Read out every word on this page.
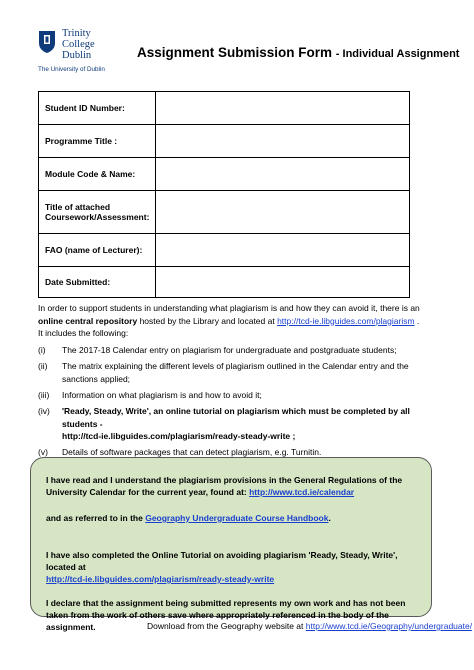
Trinity
College
Dublin
The University of Dublin
Assignment Submission Form - Individual Assignment
Student ID Number:	
Programme Title :	
Module Code & Name:	
Title of attached Coursework/Assessment:	
FAO (name of Lecturer):	
Date Submitted:	
In order to support students in understanding what plagiarism is and how they can avoid it, there is an online central repository hosted by the Library and located at http://tcd-ie.libguides.com/plagiarism .
It includes the following:
(i) The 2017-18 Calendar entry on plagiarism for undergraduate and postgraduate students;
(ii) The matrix explaining the different levels of plagiarism outlined in the Calendar entry and the sanctions applied;
(iii) Information on what plagiarism is and how to avoid it;
(iv) 'Ready, Steady, Write', an online tutorial on plagiarism which must be completed by all students -
http://tcd-ie.libguides.com/plagiarism/ready-steady-write ;
(v) Details of software packages that can detect plagiarism, e.g. Turnitin.

I have read and I understand the plagiarism provisions in the General Regulations of the University Calendar for the current year, found at: http://www.tcd.ie/calendar

and as referred to in the Geography Undergraduate Course Handbook.

I have also completed the Online Tutorial on avoiding plagiarism 'Ready, Steady, Write', located at
http://tcd-ie.libguides.com/plagiarism/ready-steady-write

I declare that the assignment being submitted represents my own work and has not been taken from the work of others save where appropriately referenced in the body of the assignment.	Download from the Geography website at http://www.tcd.ie/Geography/undergraduate/
